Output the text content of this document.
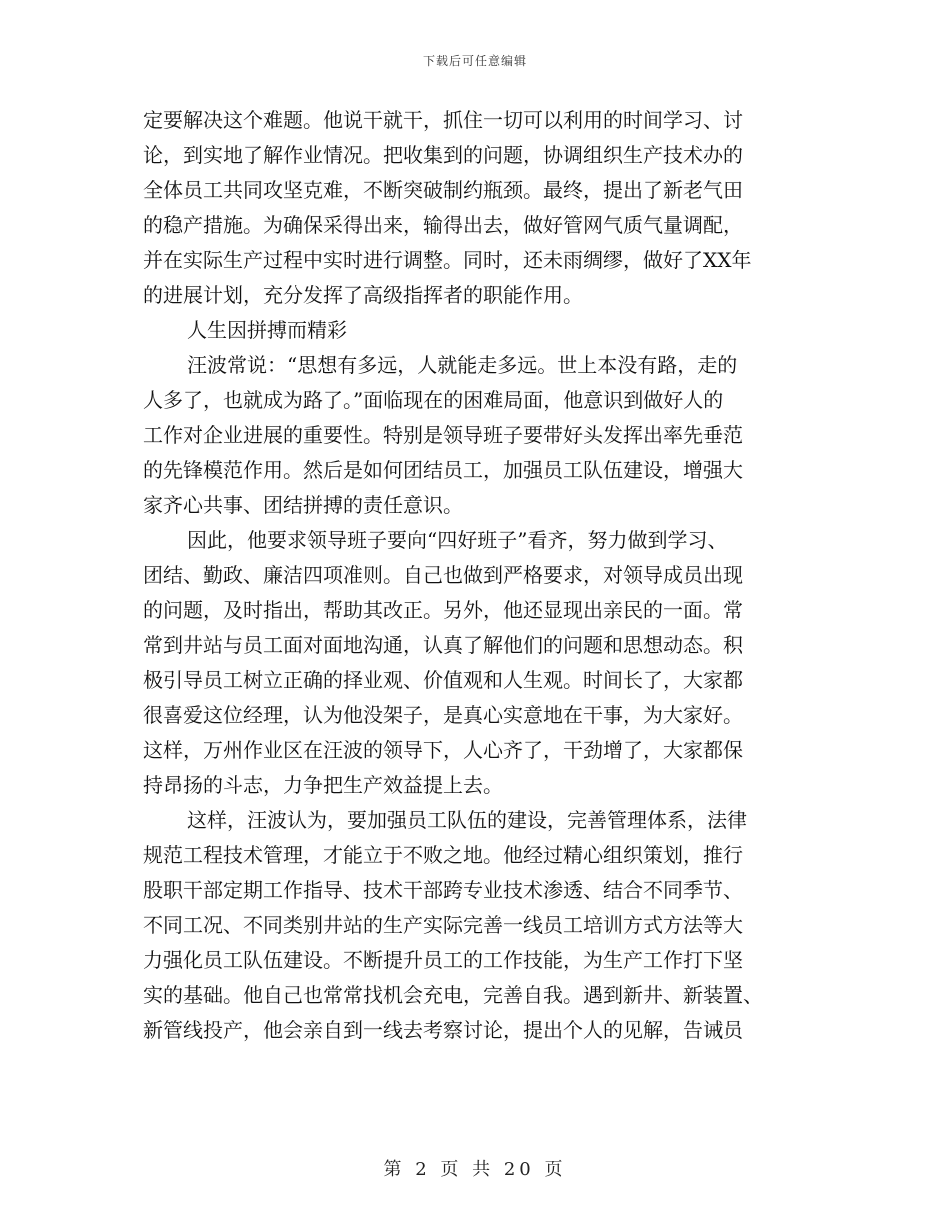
下载后可任意编辑
定要解决这个难题。他说干就干，抓住一切可以利用的时间学习、讨
论，到实地了解作业情况。把收集到的问题，协调组织生产技术办的
全体员工共同攻坚克难，不断突破制约瓶颈。最终，提出了新老气田
的稳产措施。为确保采得出来，输得出去，做好管网气质气量调配，
并在实际生产过程中实时进行调整。同时，还未雨绸缪，做好了XX年
的进展计划，充分发挥了高级指挥者的职能作用。
人生因拼搏而精彩
汪波常说：“思想有多远，人就能走多远。世上本没有路，走的
人多了，也就成为路了。”面临现在的困难局面，他意识到做好人的
工作对企业进展的重要性。特别是领导班子要带好头发挥出率先垂范
的先锋模范作用。然后是如何团结员工，加强员工队伍建设，增强大
家齐心共事、团结拼搏的责任意识。
因此，他要求领导班子要向“四好班子”看齐，努力做到学习、
团结、勤政、廉洁四项准则。自己也做到严格要求，对领导成员出现
的问题，及时指出，帮助其改正。另外，他还显现出亲民的一面。常
常到井站与员工面对面地沟通，认真了解他们的问题和思想动态。积
极引导员工树立正确的择业观、价值观和人生观。时间长了，大家都
很喜爱这位经理，认为他没架子，是真心实意地在干事，为大家好。
这样，万州作业区在汪波的领导下，人心齐了，干劲增了，大家都保
持昂扬的斗志，力争把生产效益提上去。
这样，汪波认为，要加强员工队伍的建设，完善管理体系，法律
规范工程技术管理，才能立于不败之地。他经过精心组织策划，推行
股职干部定期工作指导、技术干部跨专业技术渗透、结合不同季节、
不同工况、不同类别井站的生产实际完善一线员工培训方式方法等大
力强化员工队伍建设。不断提升员工的工作技能，为生产工作打下坚
实的基础。他自己也常常找机会充电，完善自我。遇到新井、新装置、
新管线投产，他会亲自到一线去考察讨论，提出个人的见解，告诫员
第 2 页 共 20 页
